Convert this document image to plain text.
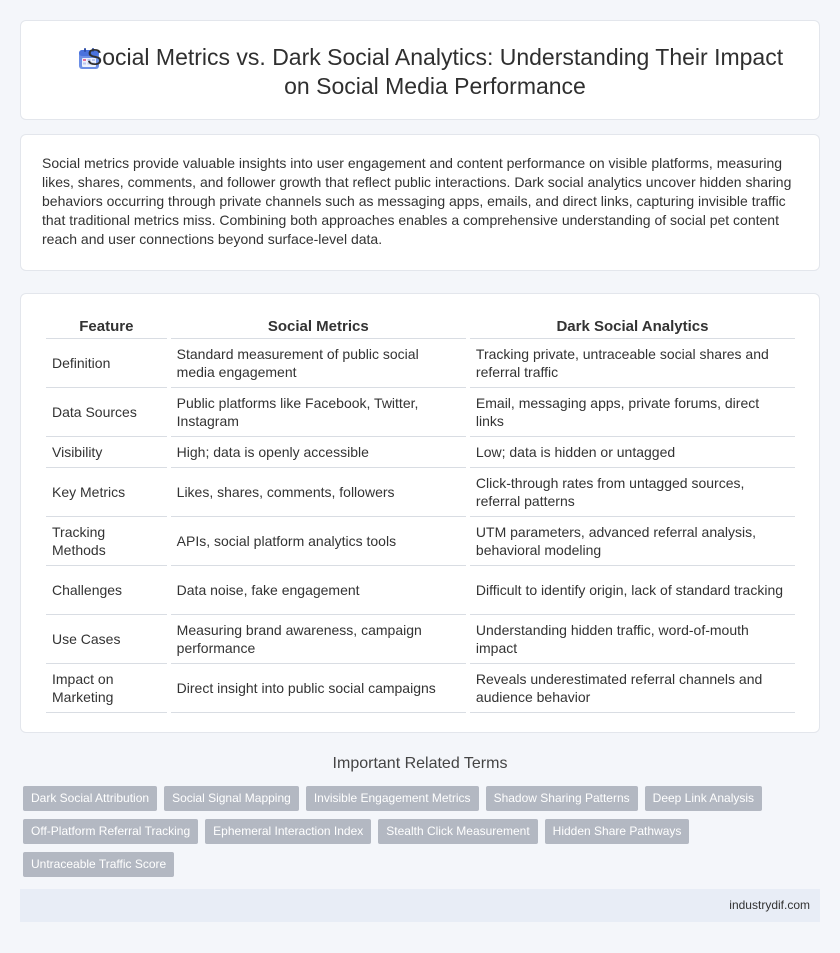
Social Metrics vs. Dark Social Analytics: Understanding Their Impact on Social Media Performance

Social metrics provide valuable insights into user engagement and content performance on visible platforms, measuring likes, shares, comments, and follower growth that reflect public interactions. Dark social analytics uncover hidden sharing behaviors occurring through private channels such as messaging apps, emails, and direct links, capturing invisible traffic that traditional metrics miss. Combining both approaches enables a comprehensive understanding of social pet content reach and user connections beyond surface-level data.

Feature	Social Metrics	Dark Social Analytics
Definition	Standard measurement of public social media engagement	Tracking private, untraceable social shares and referral traffic
Data Sources	Public platforms like Facebook, Twitter, Instagram	Email, messaging apps, private forums, direct links
Visibility	High; data is openly accessible	Low; data is hidden or untagged
Key Metrics	Likes, shares, comments, followers	Click-through rates from untagged sources, referral patterns
Tracking Methods	APIs, social platform analytics tools	UTM parameters, advanced referral analysis, behavioral modeling
Challenges	Data noise, fake engagement	Difficult to identify origin, lack of standard tracking
Use Cases	Measuring brand awareness, campaign performance	Understanding hidden traffic, word-of-mouth impact
Impact on Marketing	Direct insight into public social campaigns	Reveals underestimated referral channels and audience behavior
Important Related Terms
Dark Social Attribution	Social Signal Mapping	Invisible Engagement Metrics	Shadow Sharing Patterns	Deep Link Analysis
Off-Platform Referral Tracking	Ephemeral Interaction Index	Stealth Click Measurement	Hidden Share Pathways
Untraceable Traffic Score
industrydif.com
